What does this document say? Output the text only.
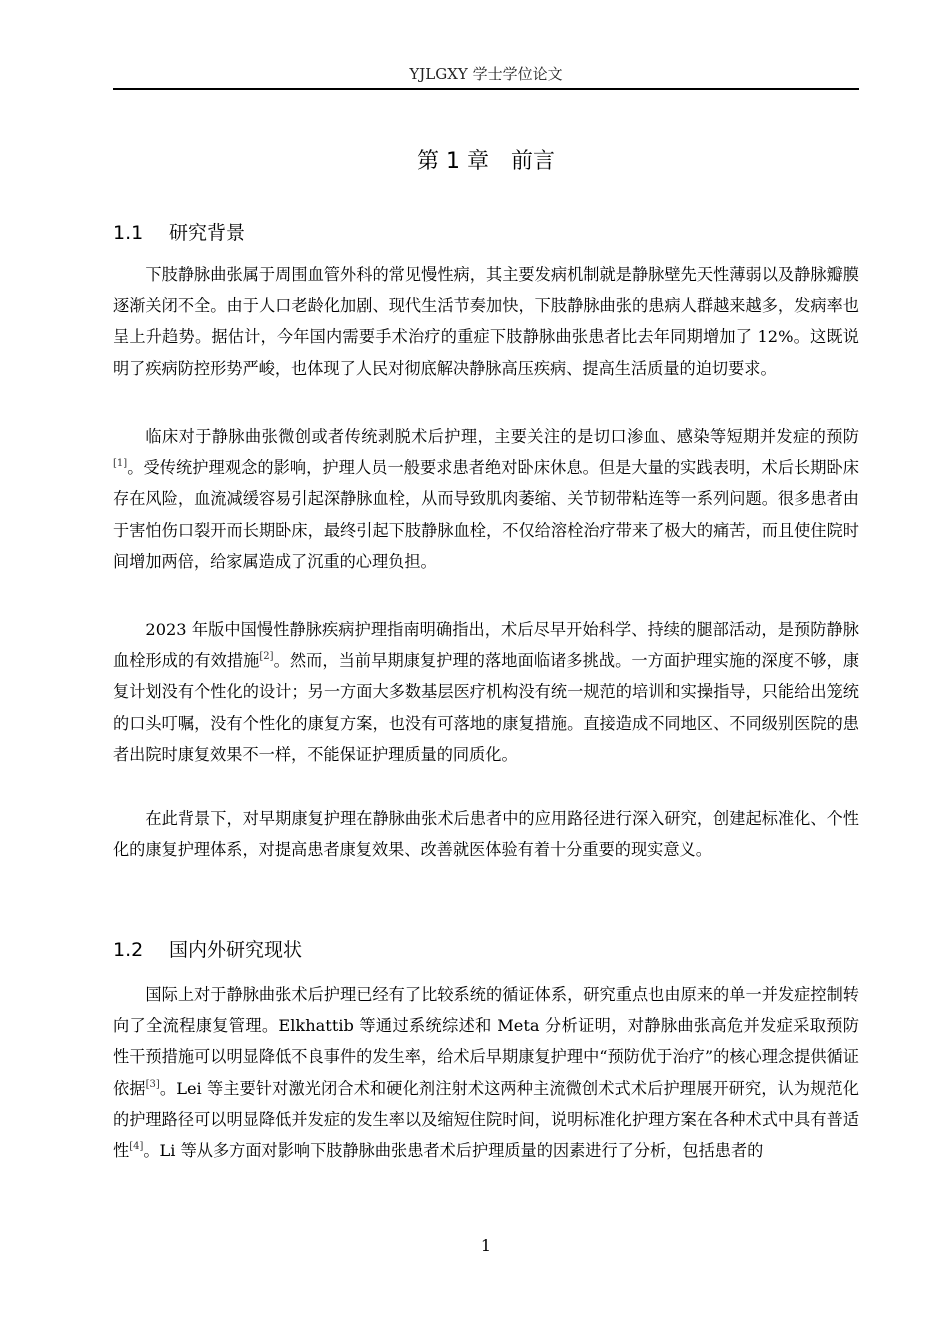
YJLGXY 学士学位论文
第 1 章 前言
1.1 研究背景

下肢静脉曲张属于周围血管外科的常见慢性病，其主要发病机制就是静脉壁先天性薄弱以及静脉瓣膜逐渐关闭不全。由于人口老龄化加剧、现代生活节奏加快，下肢静脉曲张的患病人群越来越多，发病率也呈上升趋势。据估计，今年国内需要手术治疗的重症下肢静脉曲张患者比去年同期增加了 12%。这既说明了疾病防控形势严峻，也体现了人民对彻底解决静脉高压疾病、提高生活质量的迫切要求。

临床对于静脉曲张微创或者传统剥脱术后护理，主要关注的是切口渗血、感染等短期并发症的预防[1]。受传统护理观念的影响，护理人员一般要求患者绝对卧床休息。但是大量的实践表明，术后长期卧床存在风险，血流减缓容易引起深静脉血栓，从而导致肌肉萎缩、关节韧带粘连等一系列问题。很多患者由于害怕伤口裂开而长期卧床，最终引起下肢静脉血栓，不仅给溶栓治疗带来了极大的痛苦，而且使住院时间增加两倍，给家属造成了沉重的心理负担。

2023 年版中国慢性静脉疾病护理指南明确指出，术后尽早开始科学、持续的腿部活动，是预防静脉血栓形成的有效措施[2]。然而，当前早期康复护理的落地面临诸多挑战。一方面护理实施的深度不够，康复计划没有个性化的设计；另一方面大多数基层医疗机构没有统一规范的培训和实操指导，只能给出笼统的口头叮嘱，没有个性化的康复方案，也没有可落地的康复措施。直接造成不同地区、不同级别医院的患者出院时康复效果不一样，不能保证护理质量的同质化。

在此背景下，对早期康复护理在静脉曲张术后患者中的应用路径进行深入研究，创建起标准化、个性化的康复护理体系，对提高患者康复效果、改善就医体验有着十分重要的现实意义。

1.2 国内外研究现状

国际上对于静脉曲张术后护理已经有了比较系统的循证体系，研究重点也由原来的单一并发症控制转向了全流程康复管理。Elkhattib 等通过系统综述和 Meta 分析证明，对静脉曲张高危并发症采取预防性干预措施可以明显降低不良事件的发生率，给术后早期康复护理中“预防优于治疗”的核心理念提供循证依据[3]。Lei 等主要针对激光闭合术和硬化剂注射术这两种主流微创术式术后护理展开研究，认为规范化的护理路径可以明显降低并发症的发生率以及缩短住院时间，说明标准化护理方案在各种术式中具有普适性[4]。Li 等从多方面对影响下肢静脉曲张患者术后护理质量的因素进行了分析，包括患者的

1
